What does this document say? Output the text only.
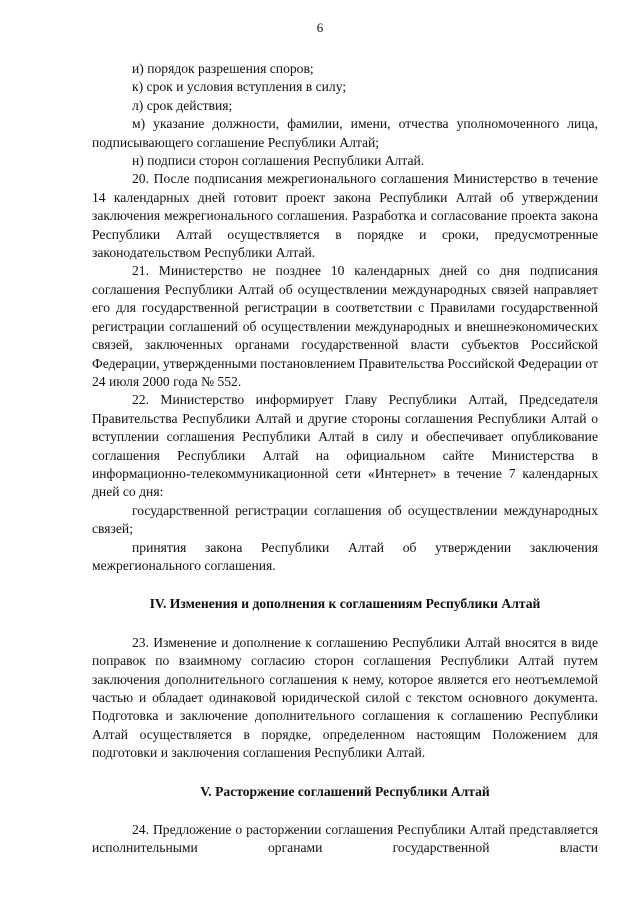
6

и) порядок разрешения споров;

к) срок и условия вступления в силу;

л) срок действия;

м) указание должности, фамилии, имени, отчества уполномоченного лица, подписывающего соглашение Республики Алтай;

н) подписи сторон соглашения Республики Алтай.

20. После подписания межрегионального соглашения Министерство в течение 14 календарных дней готовит проект закона Республики Алтай об утверждении заключения межрегионального соглашения. Разработка и согласование проекта закона Республики Алтай осуществляется в порядке и сроки, предусмотренные законодательством Республики Алтай.

21. Министерство не позднее 10 календарных дней со дня подписания соглашения Республики Алтай об осуществлении международных связей направляет его для государственной регистрации в соответствии с Правилами государственной регистрации соглашений об осуществлении международных и внешнеэкономических связей, заключенных органами государственной власти субъектов Российской Федерации, утвержденными постановлением Правительства Российской Федерации от 24 июля 2000 года № 552.

22. Министерство информирует Главу Республики Алтай, Председателя Правительства Республики Алтай и другие стороны соглашения Республики Алтай о вступлении соглашения Республики Алтай в силу и обеспечивает опубликование соглашения Республики Алтай на официальном сайте Министерства в информационно-телекоммуникационной сети «Интернет» в течение 7 календарных дней со дня:

государственной регистрации соглашения об осуществлении международных связей;

принятия закона Республики Алтай об утверждении заключения межрегионального соглашения.

IV. Изменения и дополнения к соглашениям Республики Алтай

23. Изменение и дополнение к соглашению Республики Алтай вносятся в виде поправок по взаимному согласию сторон соглашения Республики Алтай путем заключения дополнительного соглашения к нему, которое является его неотъемлемой частью и обладает одинаковой юридической силой с текстом основного документа. Подготовка и заключение дополнительного соглашения к соглашению Республики Алтай осуществляется в порядке, определенном настоящим Положением для подготовки и заключения соглашения Республики Алтай.

V. Расторжение соглашений Республики Алтай

24. Предложение о расторжении соглашения Республики Алтай представляется исполнительными органами государственной власти
